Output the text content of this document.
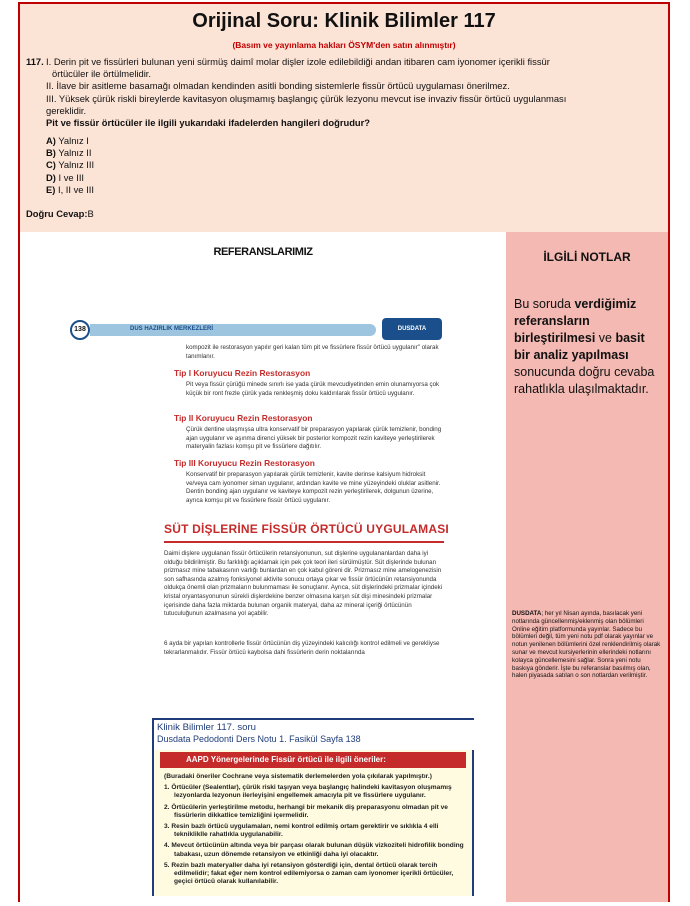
Orijinal Soru: Klinik Bilimler 117
(Basım ve yayınlama hakları ÖSYM'den satın alınmıştır)
117. I. Derin pit ve fissürleri bulunan yeni sürmüş daimî molar dişler izole edilebildiği andan itibaren cam iyonomer içerikli fissür
örtücüler ile örtülmelidir.
II. İlave bir asitleme basamağı olmadan kendinden asitli bonding sistemlerle fissür örtücü uygulaması önerilmez.
III. Yüksek çürük riskli bireylerde kavitasyon oluşmamış başlangıç çürük lezyonu mevcut ise invaziv fissür örtücü uygulanması
gereklidir.
Pit ve fissür örtücüler ile ilgili yukarıdaki ifadelerden hangileri doğrudur?
A) Yalnız I
B) Yalnız II
C) Yalnız III
D) I ve III
E) I, II ve III
Doğru Cevap:B
REFERANSLARIMIZ
DUS HAZIRLIK MERKEZLERİ
138	DUSDATA
kompozit ile restorasyon yapılır geri kalan tüm pit ve fissürlere fissür örtücü uygulanır" olarak tanımlanır.
Tip I Koruyucu Rezin Restorasyon
Pit veya fissür çürüğü minede sınırlı ise yada çürük mevcudiyetinden emin olunamıyorsa çok küçük bir ront frezle çürük yada renkleşmiş doku kaldırılarak fissür örtücü uygulanır.
Tip II Koruyucu Rezin Restorasyon
Çürük dentine ulaşmışsa ultra konservatif bir preparasyon yapılarak çürük temizlenir, bonding ajan uygulanır ve aşınma direnci yüksek bir posterior kompozit rezin kaviteye yerleştirilerek materyalin fazlası komşu pit ve fissürlere dağıtılır.
Tip III Koruyucu Rezin Restorasyon
Konservatif bir preparasyon yapılarak çürük temizlenir, kavite derinse kalsiyum hidroksit ve/veya cam iyonomer siman uygulanır, ardından kavite ve mine yüzeyindeki oluklar asitlenir. Dentin bonding ajan uygulanır ve kaviteye kompozit rezin yerleştirilerek, dolgunun üzerine, ayrıca komşu pit ve fissürlere fissür örtücü uygulanır.
SÜT DİŞLERİNE FİSSÜR ÖRTÜCÜ UYGULAMASI
Daimi dişlere uygulanan fissür örtücülerin retansiyonunun, sut dişlerine uygulananlardan daha iyi olduğu bildirilmiştir. Bu farklılığı açıklamak için pek çok teori ileri sürülmüştür. Süt dişlerinde bulunan prizmasız mine tabakasının varlığı bunlardan en çok kabul göreni dir. Prizmasız mine amelogenezisin son safhasında azalmış fonksiyonel aktivite sonucu ortaya çıkar ve fissür örtücünün retansiyonunda oldukça önemli olan prizmaların bulunmaması ile sonuçlanır. Ayrıca, süt dişlerindeki prizmalar içindeki kristal oryantasyonunun sürekli dişlerdekine benzer olmasına karşın süt dişi minesindeki prizmalar içerisinde daha fazla miktarda bulunan organik materyal, daha az mineral içeriği örtücünün tutuculuğunun azalmasına yol açabilir.
6 ayda bir yapılan kontrollerle fissür örtücünün diş yüzeyindeki kalıcılığı kontrol edilmeli ve gerekliyse tekrarlanmalıdır. Fissür örtücü kaybolsa dahi fissürlerin derin noktalarında
Klinik Bilimler 117. soru
Dusdata Pedodonti Ders Notu 1. Fasikül Sayfa 138
AAPD Yönergelerinde Fissür örtücü ile ilgili öneriler:
(Buradaki öneriler Cochrane veya sistematik derlemelerden yola çıkılarak yapılmıştır.)
1. Örtücüler (Sealentlar), çürük riski taşıyan veya başlangıç halindeki kavitasyon oluşmamış lezyonlarda lezyonun ilerleyişini engellemek amacıyla pit ve fissürlere uygulanır.
2. Örtücülerin yerleştirilme metodu, herhangi bir mekanik diş preparasyonu olmadan pit ve fissürlerin dikkatlice temizliğini içermelidir.
3. Resin bazlı örtücü uygulamaları, nemi kontrol edilmiş ortam gerektirir ve sıklıkla 4 elli teknikliklle rahatlıkla uygulanabilir.
4. Mevcut örtücünün altında veya bir parçası olarak bulunan düşük vizkoziteli hidrofilik bonding tabakası, uzun dönemde retansiyon ve etkinliği daha iyi olacaktır.
5. Rezin bazlı materyaller daha iyi retansiyon gösterdiği için, dental örtücü olarak tercih edilmelidir; fakat eğer nem kontrol edilemiyorsa o zaman cam iyonomer içerikli örtücüler, geçici örtücü olarak kullanılabilir.
İLGİLİ NOTLAR
Bu soruda verdiğimiz referansların birleştirilmesi ve basit bir analiz yapılması sonucunda doğru cevaba rahatlıkla ulaşılmaktadır.
DUSDATA; her yıl Nisan ayında, basılacak yeni notlarında güncellenmiş/eklenmiş olan bölümleri Online eğitim platformunda yayınlar. Sadece bu bölümleri değil, tüm yeni notu pdf olarak yayınlar ve notun yenilenen bölümlerini özel renklendirilmiş olarak sunar ve mevcut kursiyerlerinin ellerindeki notlarını kolayca güncellemesini sağlar. Sonra yeni notu baskıya gönderir. İşte bu referanslar basılmış olan, halen piyasada satılan o son notlardan verilmiştir.
